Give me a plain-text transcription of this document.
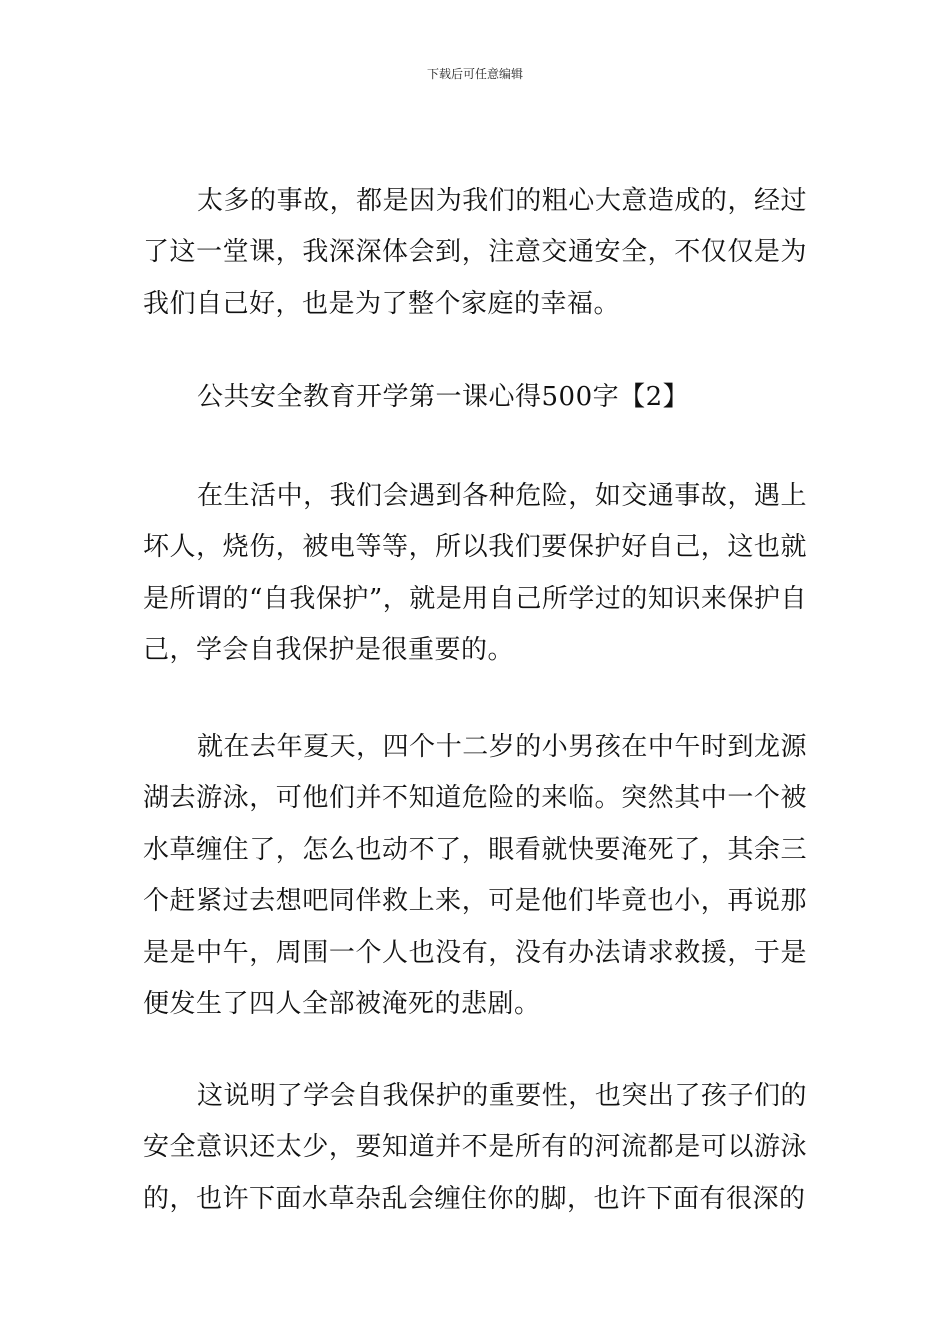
下载后可任意编辑

太多的事故，都是因为我们的粗心大意造成的，经过了这一堂课，我深深体会到，注意交通安全，不仅仅是为我们自己好，也是为了整个家庭的幸福。

公共安全教育开学第一课心得500字【2】

在生活中，我们会遇到各种危险，如交通事故，遇上坏人，烧伤，被电等等，所以我们要保护好自己，这也就是所谓的“自我保护”，就是用自己所学过的知识来保护自己，学会自我保护是很重要的。

就在去年夏天，四个十二岁的小男孩在中午时到龙源湖去游泳，可他们并不知道危险的来临。突然其中一个被水草缠住了，怎么也动不了，眼看就快要淹死了，其余三个赶紧过去想吧同伴救上来，可是他们毕竟也小，再说那是是中午，周围一个人也没有，没有办法请求救援，于是便发生了四人全部被淹死的悲剧。

这说明了学会自我保护的重要性，也突出了孩子们的安全意识还太少，要知道并不是所有的河流都是可以游泳的，也许下面水草杂乱会缠住你的脚，也许下面有很深的
